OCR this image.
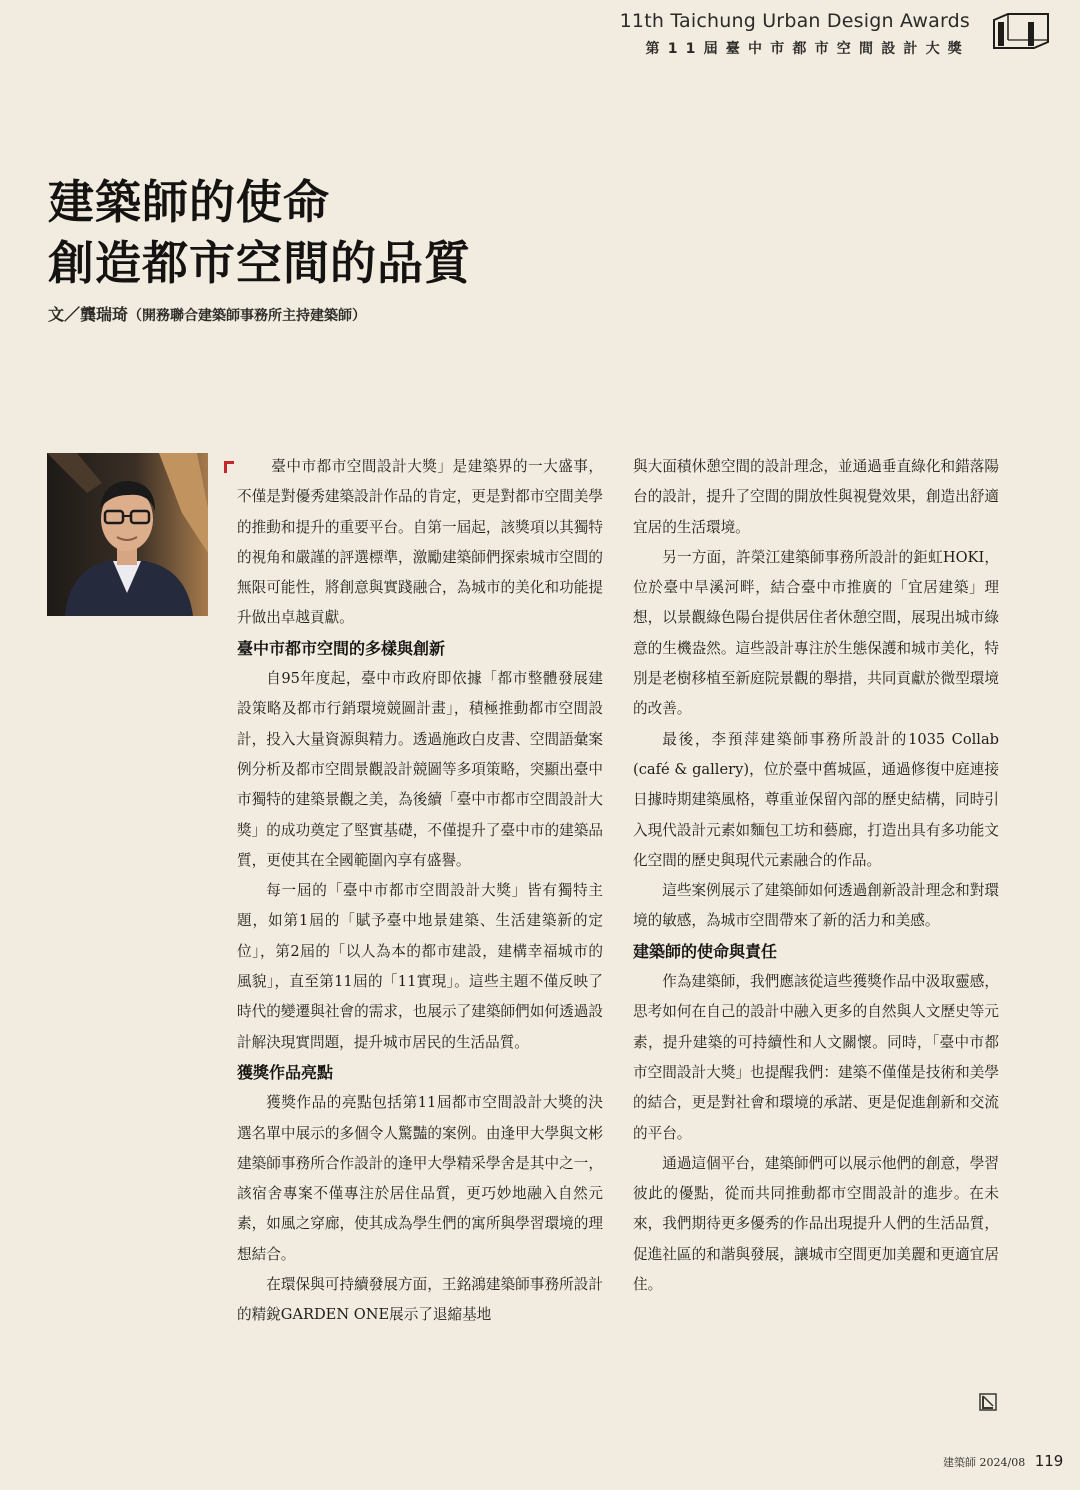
11th Taichung Urban Design Awards
第11屆臺中市都市空間設計大獎
建築師的使命
創造都市空間的品質
文／龔瑞琦（開務聯合建築師事務所主持建築師）

臺中市都市空間設計大獎」是建築界的一大盛事，不僅是對優秀建築設計作品的肯定，更是對都市空間美學的推動和提升的重要平台。自第一屆起，該獎項以其獨特的視角和嚴謹的評選標準，激勵建築師們探索城市空間的無限可能性，將創意與實踐融合，為城市的美化和功能提升做出卓越貢獻。

臺中市都市空間的多樣與創新

自95年度起，臺中市政府即依據「都市整體發展建設策略及都市行銷環境競圖計畫」，積極推動都市空間設計，投入大量資源與精力。透過施政白皮書、空間語彙案例分析及都市空間景觀設計競圖等多項策略，突顯出臺中市獨特的建築景觀之美，為後續「臺中市都市空間設計大獎」的成功奠定了堅實基礎，不僅提升了臺中市的建築品質，更使其在全國範圍內享有盛譽。

每一屆的「臺中市都市空間設計大獎」皆有獨特主題，如第1屆的「賦予臺中地景建築、生活建築新的定位」，第2屆的「以人為本的都市建設，建構幸福城市的風貌」，直至第11屆的「11實現」。這些主題不僅反映了時代的變遷與社會的需求，也展示了建築師們如何透過設計解決現實問題，提升城市居民的生活品質。

獲獎作品亮點

獲獎作品的亮點包括第11屆都市空間設計大獎的決選名單中展示的多個令人驚豔的案例。由逢甲大學與文彬建築師事務所合作設計的逢甲大學精采學舍是其中之一，該宿舍專案不僅專注於居住品質，更巧妙地融入自然元素，如風之穿廊，使其成為學生們的寓所與學習環境的理想結合。

在環保與可持續發展方面，王銘鴻建築師事務所設計的精銳GARDEN ONE展示了退縮基地

與大面積休憩空間的設計理念，並通過垂直綠化和錯落陽台的設計，提升了空間的開放性與視覺效果，創造出舒適宜居的生活環境。

另一方面，許榮江建築師事務所設計的鉅虹HOKI，位於臺中旱溪河畔，結合臺中市推廣的「宜居建築」理想，以景觀綠色陽台提供居住者休憩空間，展現出城市綠意的生機盎然。這些設計專注於生態保護和城市美化，特別是老樹移植至新庭院景觀的舉措，共同貢獻於微型環境的改善。

最後，李預萍建築師事務所設計的1035 Collab (café & gallery)，位於臺中舊城區，通過修復中庭連接日據時期建築風格，尊重並保留內部的歷史結構，同時引入現代設計元素如麵包工坊和藝廊，打造出具有多功能文化空間的歷史與現代元素融合的作品。

這些案例展示了建築師如何透過創新設計理念和對環境的敏感，為城市空間帶來了新的活力和美感。

建築師的使命與責任

作為建築師，我們應該從這些獲獎作品中汲取靈感，思考如何在自己的設計中融入更多的自然與人文歷史等元素，提升建築的可持續性和人文關懷。同時，「臺中市都市空間設計大獎」也提醒我們：建築不僅僅是技術和美學的結合，更是對社會和環境的承諾、更是促進創新和交流的平台。

通過這個平台，建築師們可以展示他們的創意，學習彼此的優點，從而共同推動都市空間設計的進步。在未來，我們期待更多優秀的作品出現提升人們的生活品質，促進社區的和諧與發展，讓城市空間更加美麗和更適宜居住。

建築師 2024/08 119
